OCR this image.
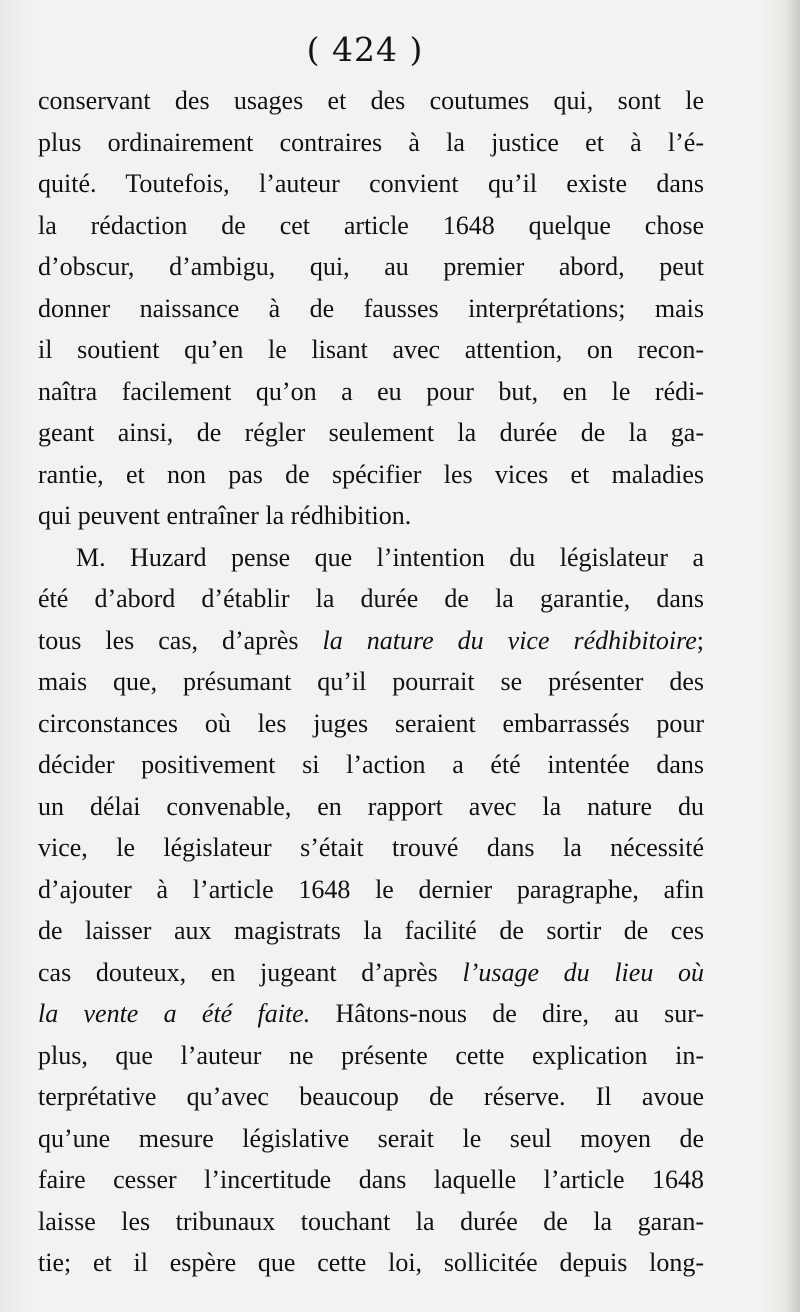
( 424 )
conservant des usages et des coutumes qui, sont le
plus ordinairement contraires à la justice et à l’é-
quité. Toutefois, l’auteur convient qu’il existe dans
la rédaction de cet article 1648 quelque chose
d’obscur, d’ambigu, qui, au premier abord, peut
donner naissance à de fausses interprétations; mais
il soutient qu’en le lisant avec attention, on recon-
naîtra facilement qu’on a eu pour but, en le rédi-
geant ainsi, de régler seulement la durée de la ga-
rantie, et non pas de spécifier les vices et maladies
qui peuvent entraîner la rédhibition.
M. Huzard pense que l’intention du législateur a
été d’abord d’établir la durée de la garantie, dans
tous les cas, d’après la nature du vice rédhibitoire;
mais que, présumant qu’il pourrait se présenter des
circonstances où les juges seraient embarrassés pour
décider positivement si l’action a été intentée dans
un délai convenable, en rapport avec la nature du
vice, le législateur s’était trouvé dans la nécessité
d’ajouter à l’article 1648 le dernier paragraphe, afin
de laisser aux magistrats la facilité de sortir de ces
cas douteux, en jugeant d’après l’usage du lieu où
la vente a été faite. Hâtons-nous de dire, au sur-
plus, que l’auteur ne présente cette explication in-
terprétative qu’avec beaucoup de réserve. Il avoue
qu’une mesure législative serait le seul moyen de
faire cesser l’incertitude dans laquelle l’article 1648
laisse les tribunaux touchant la durée de la garan-
tie; et il espère que cette loi, sollicitée depuis long-
